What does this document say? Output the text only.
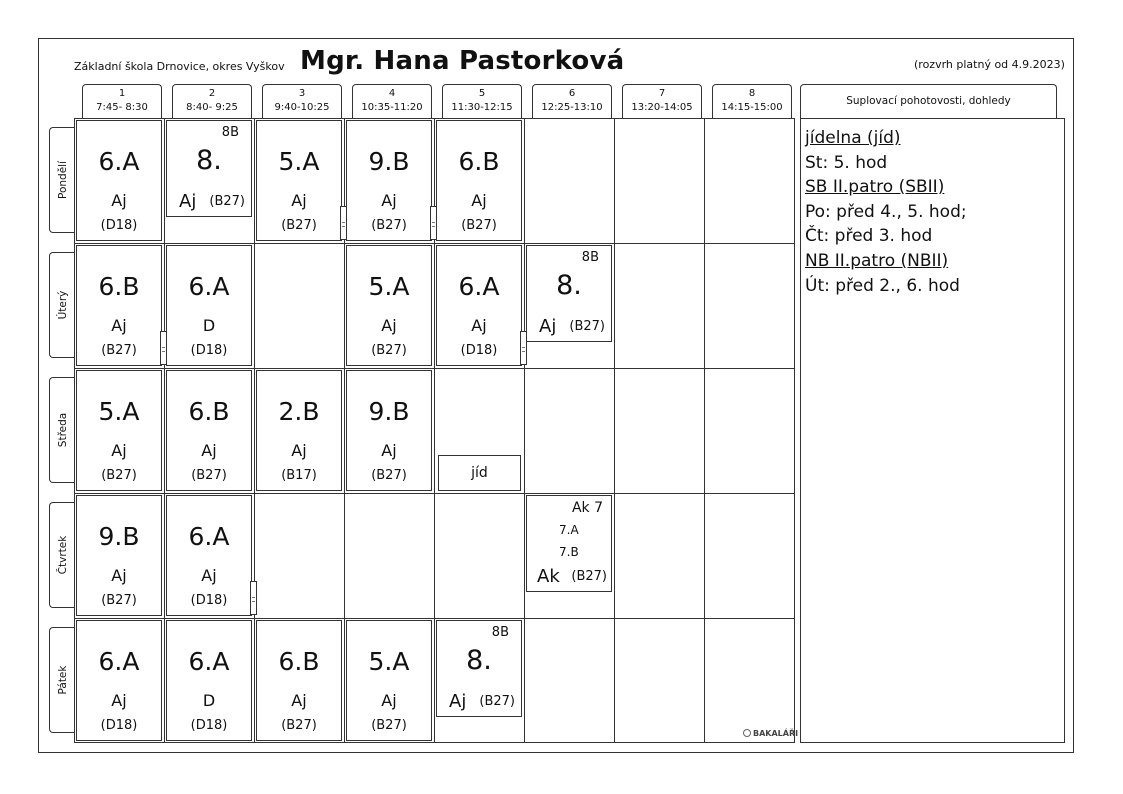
Základní škola Drnovice, okres Vyškov Mgr. Hana Pastorková	(rozvrh platný od 4.9.2023)
1
7:45- 8:30
2
8:40- 9:25
3
9:40-10:25
4
10:35-11:20
5
11:30-12:15
6
12:25-13:10
7
13:20-14:05
8
14:15-15:00
Suplovací pohotovosti, dohledy
Pondělí
Úterý
Středa
Čtvrtek
Pátek
6.A
Aj
(D18)
8B
8.
Aj (B27)
5.A
Aj
(B27)
9.B
Aj
(B27)
6.B
Aj
(B27)
6.B
Aj
(B27)
6.A
D
(D18)
5.A
Aj
(B27)
6.A
Aj
(D18)
8B
8.
Aj (B27)
5.A
Aj
(B27)
6.B
Aj
(B27)
2.B
Aj
(B17)
9.B
Aj
(B27)	jíd
9.B
Aj
(B27)
6.A
Aj
(D18)
Ak 7
7.A
7.B
Ak (B27)
6.A
Aj
(D18)
6.A
D
(D18)
6.B
Aj
(B27)
5.A
Aj
(B27)
8B
8.
Aj (B27)
jídelna (jíd)
St: 5. hod
SB II.patro (SBII)
Po: před 4., 5. hod;
Čt: před 3. hod
NB II.patro (NBII)
Út: před 2., 6. hod
BAKALÁŘI
